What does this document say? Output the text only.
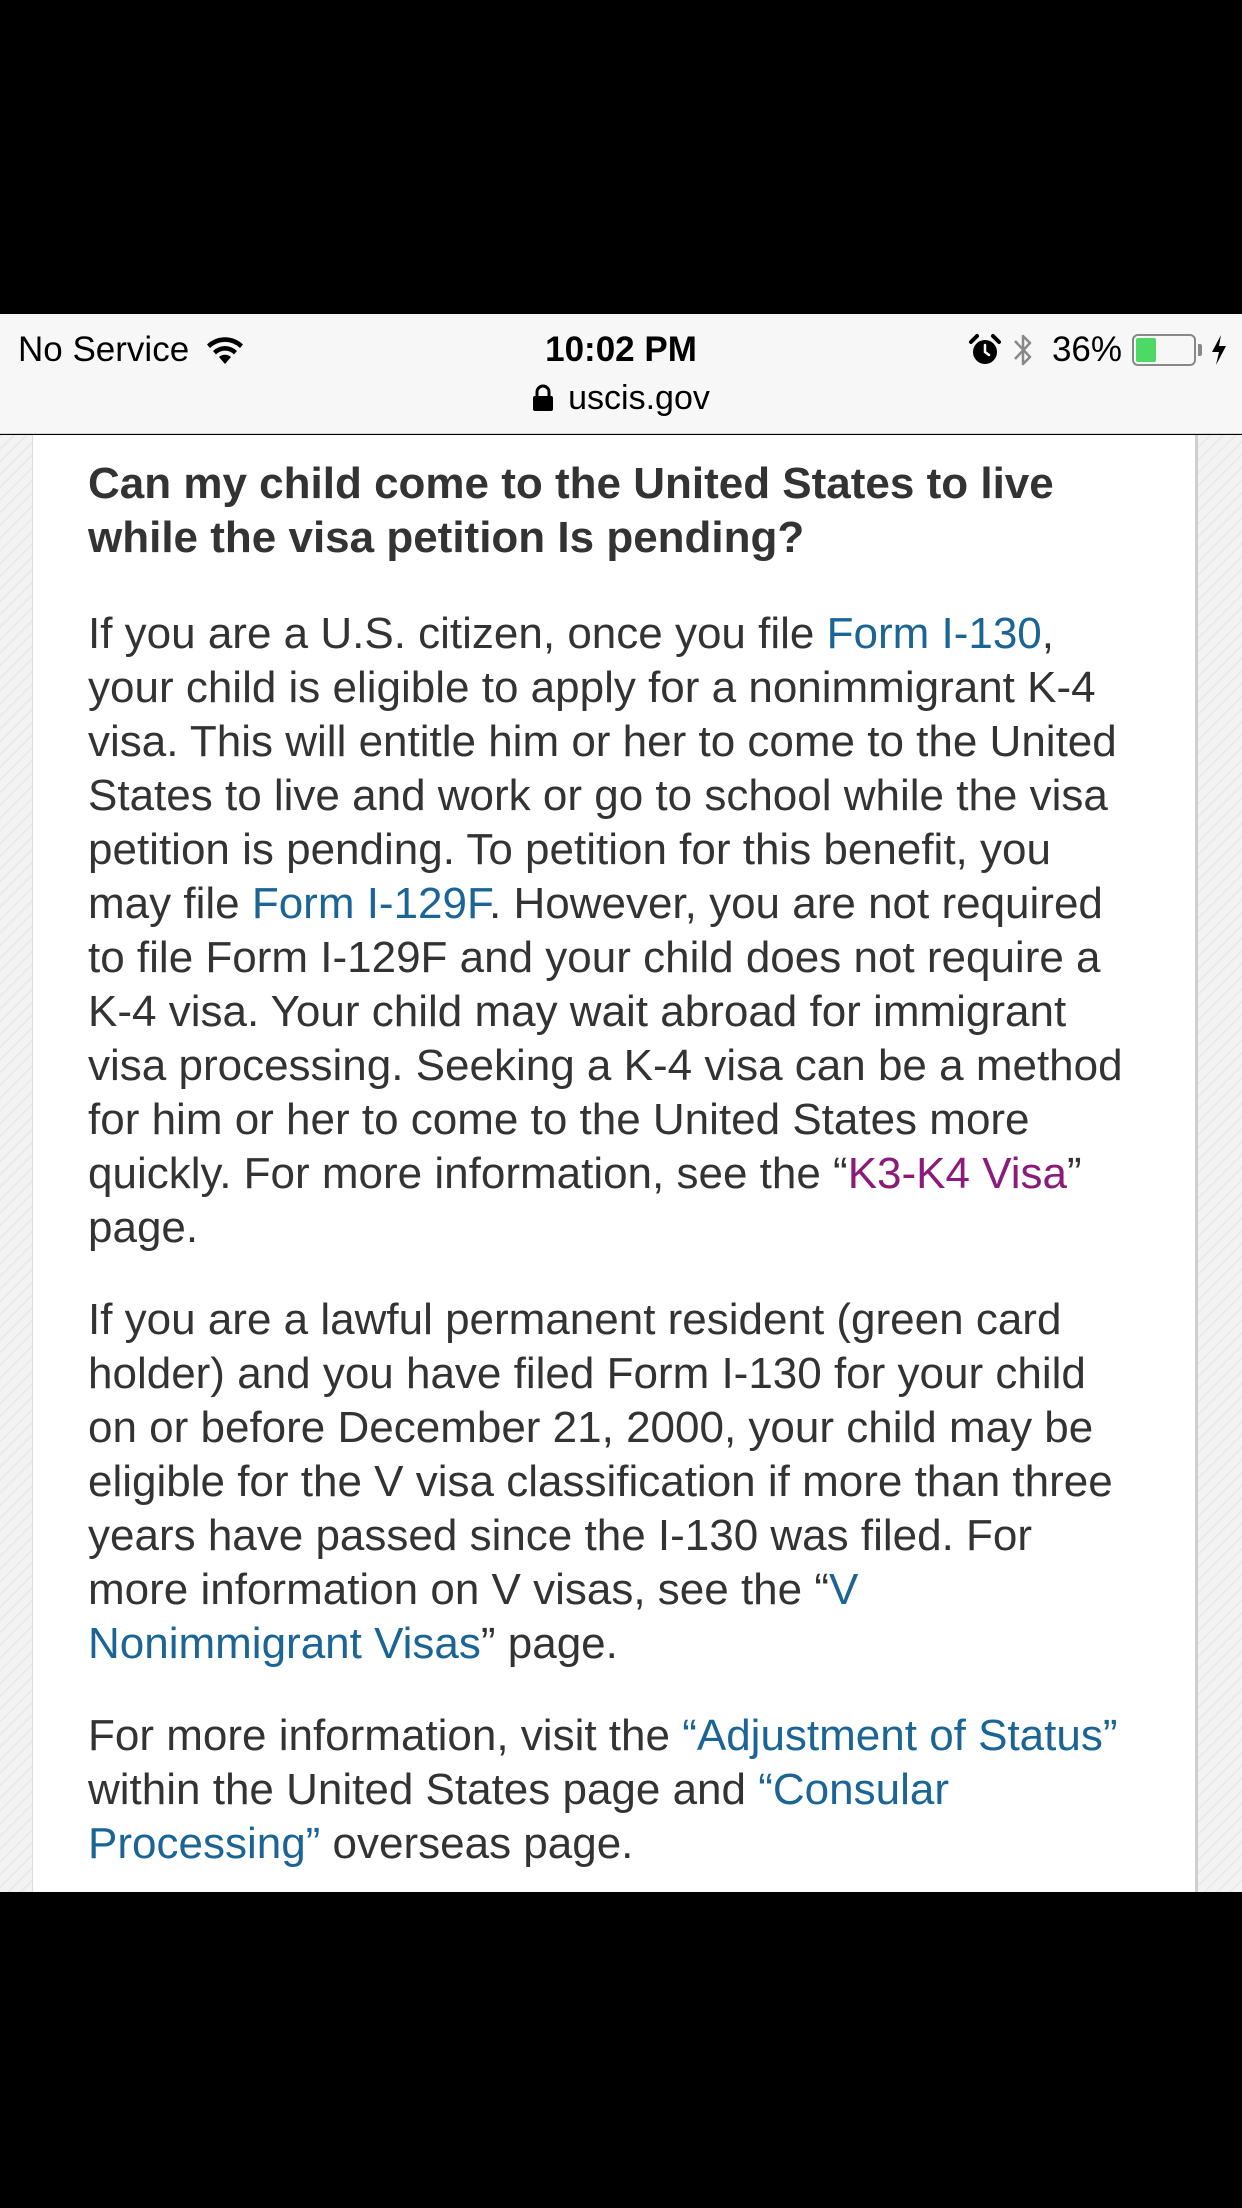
No Service	10:02 PM	36%
uscis.gov
Can my child come to the United States to live while the visa petition Is pending?

If you are a U.S. citizen, once you file Form I-130, your child is eligible to apply for a nonimmigrant K-4 visa. This will entitle him or her to come to the United States to live and work or go to school while the visa petition is pending. To petition for this benefit, you may file Form I-129F. However, you are not required to file Form I-129F and your child does not require a K-4 visa. Your child may wait abroad for immigrant visa processing. Seeking a K-4 visa can be a method for him or her to come to the United States more quickly. For more information, see the “K3-K4 Visa” page.

If you are a lawful permanent resident (green card holder) and you have filed Form I-130 for your child on or before December 21, 2000, your child may be eligible for the V visa classification if more than three years have passed since the I-130 was filed. For more information on V visas, see the “V Nonimmigrant Visas” page.

For more information, visit the “Adjustment of Status” within the United States page and “Consular Processing” overseas page.
